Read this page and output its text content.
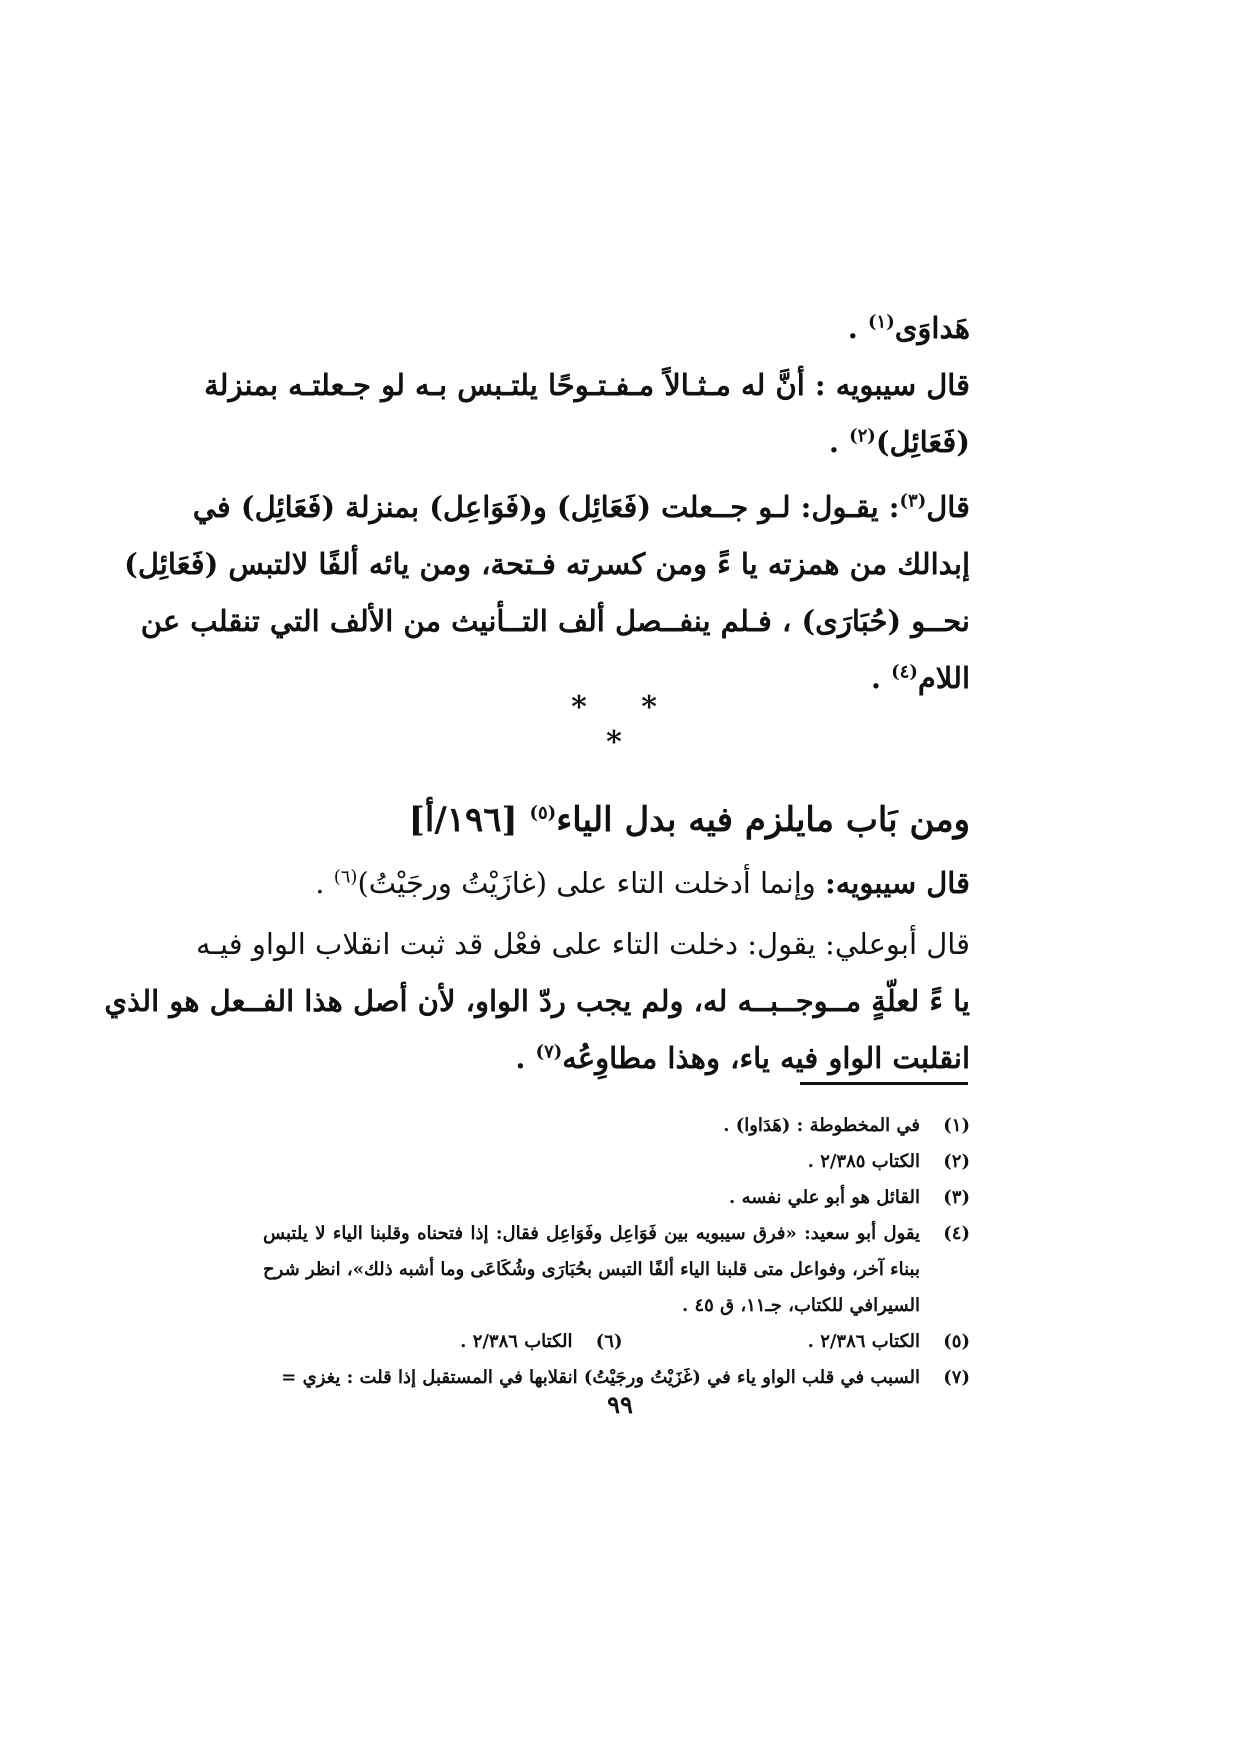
هَداوَى$^{(١)}$ .
قال سيبويه : أنَّ له مـثـالاً مـفـتـوحًا يلتـبس بـه لو جـعلتـه بمنزلة
(فَعَائِل)$^{(٢)}$ .
قال$^{(٣)}$: يقـول: لـو جــعلت (فَعَائِل) و(فَوَاعِل) بمنزلة (فَعَائِل) في
إبدالك من همزته يا ءً ومن كسرته فـتحة، ومن يائه ألفًا لالتبس (فَعَائِل)
نحــو (حُبَارَى) ، فـلم ينفــصل ألف التــأنيث من الألف التي تنقلب عن
اللام$^{(٤)}$ .
* * *
ومن بَاب مايلزم فيه بدل الياء$^{(٥)}$ [١٩٦/أ]
قال سيبويه: وإنما أدخلت التاء على (غازَيْتُ ورجَيْتُ)$^{(٦)}$ .
قال أبوعلي: يقول: دخلت التاء على فعْل قد ثبت انقلاب الواو فيـه
يا ءً لعلّةٍ مــوجــبــه له، ولم يجب ردّ الواو، لأن أصل هذا الفــعل هو الذي
انقلبت الواو فيه ياء، وهذا مطاوِعُه$^{(٧)}$ .
(١)
في المخطوطة : (هَدَاوا) .
(٢)
الكتاب ٢/٣٨٥ .
(٣)
القائل هو أبو علي نفسه .
(٤)
يقول أبو سعيد: «فرق سيبويه بين فَوَاعِل وفَوَاعِل فقال: إذا فتحناه وقلبنا الياء لا يلتبس
ببناء آخر، وفواعل متى قلبنا الياء ألفًا التبس بحُبَارَى وشُكَاعَى وما أشبه ذلك»، انظر شرح
السيرافي للكتاب، جـ١١، ق ٤٥ .
(٥)
الكتاب ٢/٣٨٦ .
(٦)
الكتاب ٢/٣٨٦ .
(٧)
السبب في قلب الواو ياء في (غَزَيْتُ ورجَيْتُ) انقلابها في المستقبل إذا قلت : يغزي =
٩٩
